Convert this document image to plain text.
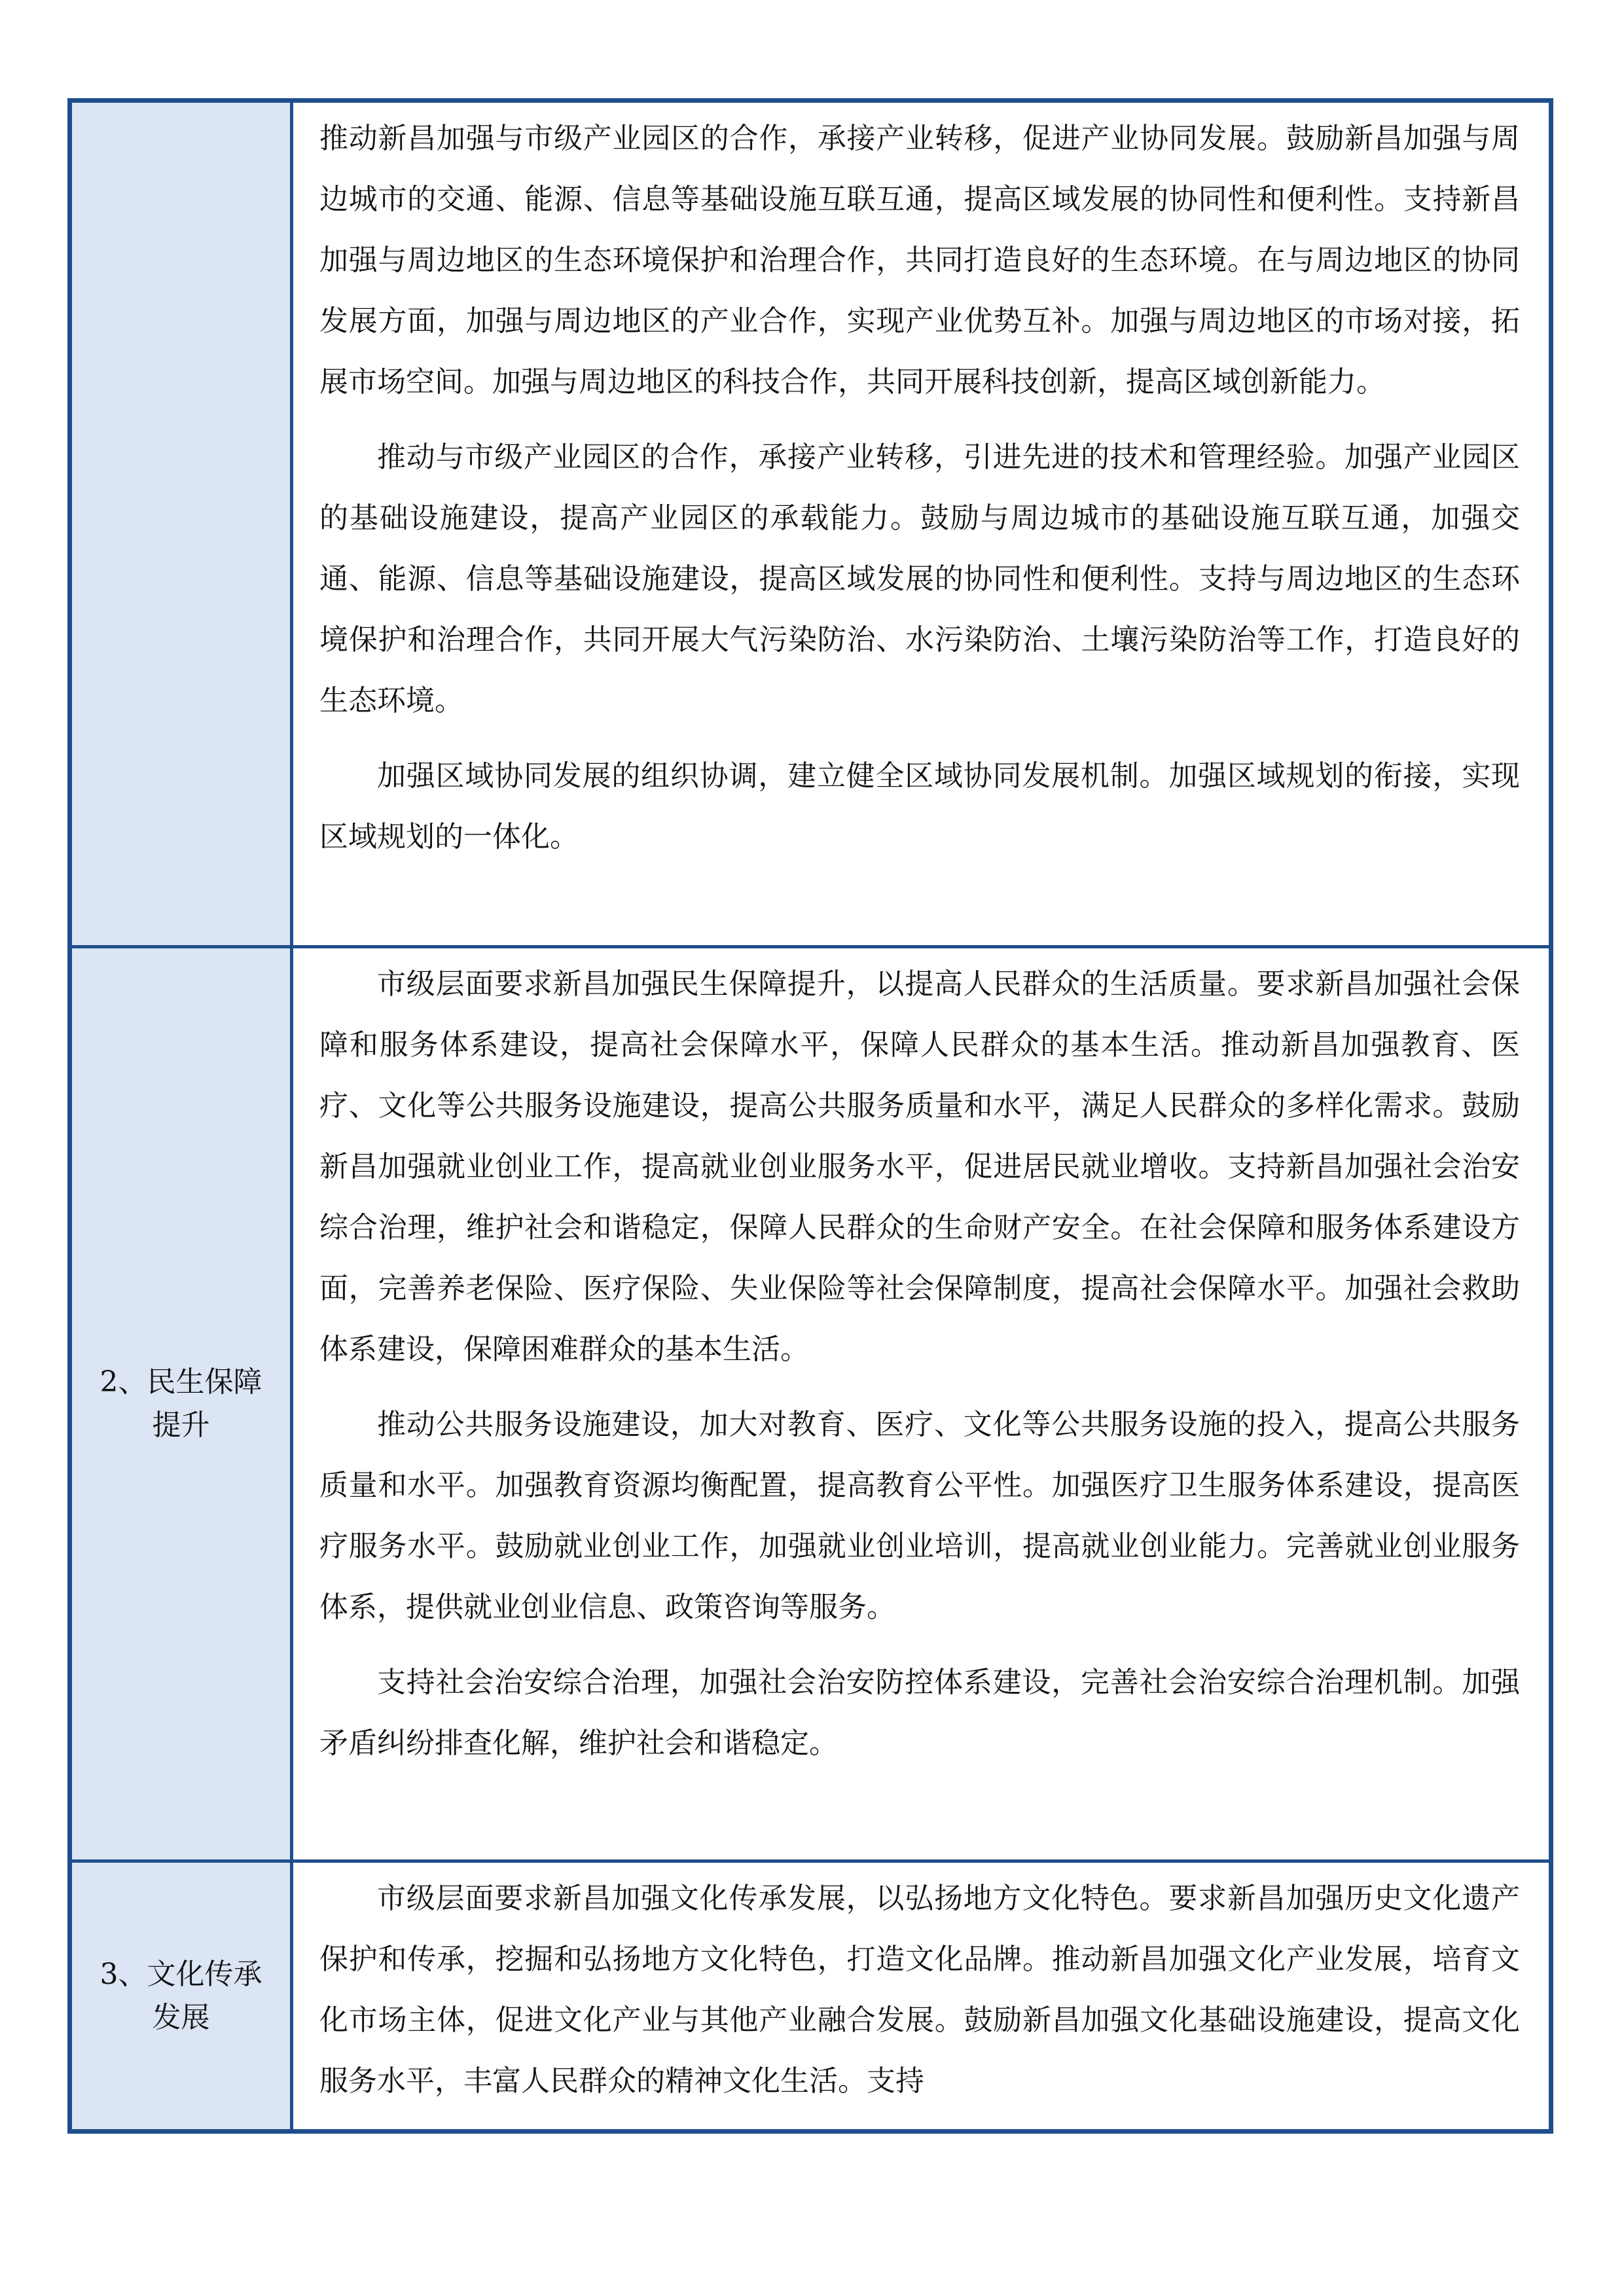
推动新昌加强与市级产业园区的合作，承接产业转移，促进产业协同发展。鼓励新昌加强与周边城市的交通、能源、信息等基础设施互联互通，提高区域发展的协同性和便利性。支持新昌加强与周边地区的生态环境保护和治理合作，共同打造良好的生态环境。在与周边地区的协同发展方面，加强与周边地区的产业合作，实现产业优势互补。加强与周边地区的市场对接，拓展市场空间。加强与周边地区的科技合作，共同开展科技创新，提高区域创新能力。

推动与市级产业园区的合作，承接产业转移，引进先进的技术和管理经验。加强产业园区的基础设施建设，提高产业园区的承载能力。鼓励与周边城市的基础设施互联互通，加强交通、能源、信息等基础设施建设，提高区域发展的协同性和便利性。支持与周边地区的生态环境保护和治理合作，共同开展大气污染防治、水污染防治、土壤污染防治等工作，打造良好的生态环境。

加强区域协同发展的组织协调，建立健全区域协同发展机制。加强区域规划的衔接，实现区域规划的一体化。

2、民生保障提升

市级层面要求新昌加强民生保障提升，以提高人民群众的生活质量。要求新昌加强社会保障和服务体系建设，提高社会保障水平，保障人民群众的基本生活。推动新昌加强教育、医疗、文化等公共服务设施建设，提高公共服务质量和水平，满足人民群众的多样化需求。鼓励新昌加强就业创业工作，提高就业创业服务水平，促进居民就业增收。支持新昌加强社会治安综合治理，维护社会和谐稳定，保障人民群众的生命财产安全。在社会保障和服务体系建设方面，完善养老保险、医疗保险、失业保险等社会保障制度，提高社会保障水平。加强社会救助体系建设，保障困难群众的基本生活。

推动公共服务设施建设，加大对教育、医疗、文化等公共服务设施的投入，提高公共服务质量和水平。加强教育资源均衡配置，提高教育公平性。加强医疗卫生服务体系建设，提高医疗服务水平。鼓励就业创业工作，加强就业创业培训，提高就业创业能力。完善就业创业服务体系，提供就业创业信息、政策咨询等服务。

支持社会治安综合治理，加强社会治安防控体系建设，完善社会治安综合治理机制。加强矛盾纠纷排查化解，维护社会和谐稳定。

3、文化传承发展

市级层面要求新昌加强文化传承发展，以弘扬地方文化特色。要求新昌加强历史文化遗产保护和传承，挖掘和弘扬地方文化特色，打造文化品牌。推动新昌加强文化产业发展，培育文化市场主体，促进文化产业与其他产业融合发展。鼓励新昌加强文化基础设施建设，提高文化服务水平，丰富人民群众的精神文化生活。支持
